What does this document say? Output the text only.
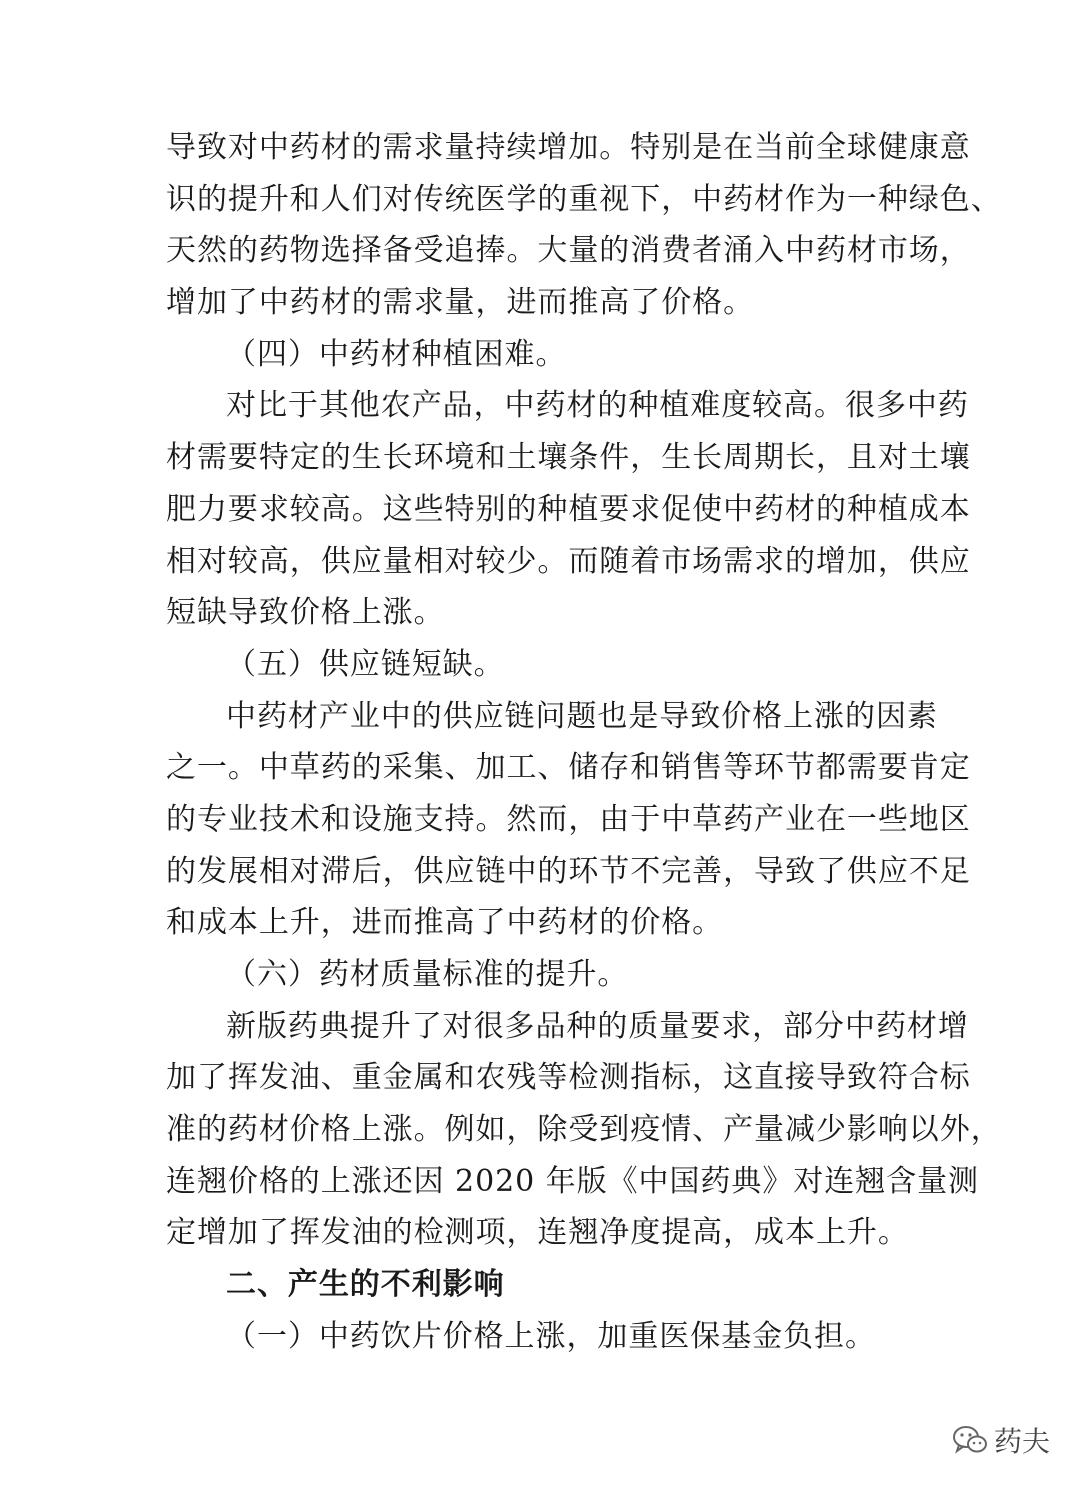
导致对中药材的需求量持续增加。特别是在当前全球健康意
识的提升和人们对传统医学的重视下，中药材作为一种绿色、
天然的药物选择备受追捧。大量的消费者涌入中药材市场，
增加了中药材的需求量，进而推高了价格。
（四）中药材种植困难。
对比于其他农产品，中药材的种植难度较高。很多中药
材需要特定的生长环境和土壤条件，生长周期长，且对土壤
肥力要求较高。这些特别的种植要求促使中药材的种植成本
相对较高，供应量相对较少。而随着市场需求的增加，供应
短缺导致价格上涨。
（五）供应链短缺。
中药材产业中的供应链问题也是导致价格上涨的因素
之一。中草药的采集、加工、储存和销售等环节都需要肯定
的专业技术和设施支持。然而，由于中草药产业在一些地区
的发展相对滞后，供应链中的环节不完善，导致了供应不足
和成本上升，进而推高了中药材的价格。
（六）药材质量标准的提升。
新版药典提升了对很多品种的质量要求，部分中药材增
加了挥发油、重金属和农残等检测指标，这直接导致符合标
准的药材价格上涨。例如，除受到疫情、产量减少影响以外，
连翘价格的上涨还因 2020 年版《中国药典》对连翘含量测
定增加了挥发油的检测项，连翘净度提高，成本上升。
二、产生的不利影响
（一）中药饮片价格上涨，加重医保基金负担。
药夫
